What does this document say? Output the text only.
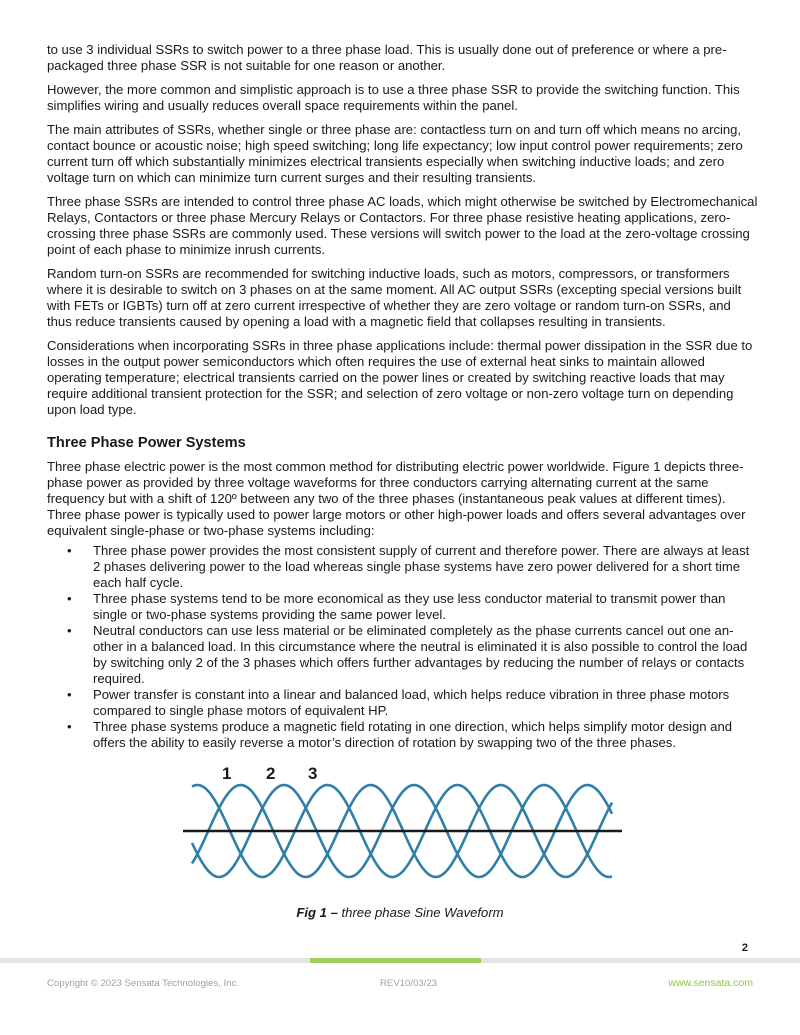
to use 3 individual SSRs to switch power to a three phase load. This is usually done out of preference or where a pre-packaged three phase SSR is not suitable for one reason or another.

However, the more common and simplistic approach is to use a three phase SSR to provide the switching function. This simplifies wiring and usually reduces overall space requirements within the panel.

The main attributes of SSRs, whether single or three phase are: contactless turn on and turn off which means no arcing, contact bounce or acoustic noise; high speed switching; long life expectancy; low input control power requirements; zero current turn off which substantially minimizes electrical transients especially when switching inductive loads; and zero voltage turn on which can minimize turn current surges and their resulting transients.

Three phase SSRs are intended to control three phase AC loads, which might otherwise be switched by Electromechanical Relays, Contactors or three phase Mercury Relays or Contactors. For three phase resistive heating applications, zero-crossing three phase SSRs are commonly used. These versions will switch power to the load at the zero-voltage crossing point of each phase to minimize inrush currents.

Random turn-on SSRs are recommended for switching inductive loads, such as motors, compressors, or transformers where it is desirable to switch on 3 phases on at the same moment. All AC output SSRs (excepting special versions built with FETs or IGBTs) turn off at zero current irrespective of whether they are zero voltage or random turn-on SSRs, and thus reduce transients caused by opening a load with a magnetic field that collapses resulting in transients.

Considerations when incorporating SSRs in three phase applications include: thermal power dissipation in the SSR due to losses in the output power semiconductors which often requires the use of external heat sinks to maintain allowed operating temperature; electrical transients carried on the power lines or created by switching reactive loads that may require additional transient protection for the SSR; and selection of zero voltage or non-zero voltage turn on depending upon load type.

Three Phase Power Systems

Three phase electric power is the most common method for distributing electric power worldwide. Figure 1 depicts three-phase power as provided by three voltage waveforms for three conductors carrying alternating current at the same frequency but with a shift of 120º between any two of the three phases (instantaneous peak values at different times). Three phase power is typically used to power large motors or other high-power loads and offers several advantages over equivalent single-phase or two-phase systems including:

• Three phase power provides the most consistent supply of current and therefore power. There are always at least 2 phases delivering power to the load whereas single phase systems have zero power delivered for a short time each half cycle.
• Three phase systems tend to be more economical as they use less conductor material to transmit power than single or two-phase systems providing the same power level.
• Neutral conductors can use less material or be eliminated completely as the phase currents cancel out one an-other in a balanced load. In this circumstance where the neutral is eliminated it is also possible to control the load by switching only 2 of the 3 phases which offers further advantages by reducing the number of relays or contacts required.
• Power transfer is constant into a linear and balanced load, which helps reduce vibration in three phase motors compared to single phase motors of equivalent HP.
• Three phase systems produce a magnetic field rotating in one direction, which helps simplify motor design and offers the ability to easily reverse a motor’s direction of rotation by swapping two of the three phases.
1 2 3
Fig 1 – three phase Sine Waveform
2
Copyright © 2023 Sensata Technologies, Inc.	REV10/03/23	www.sensata.com
